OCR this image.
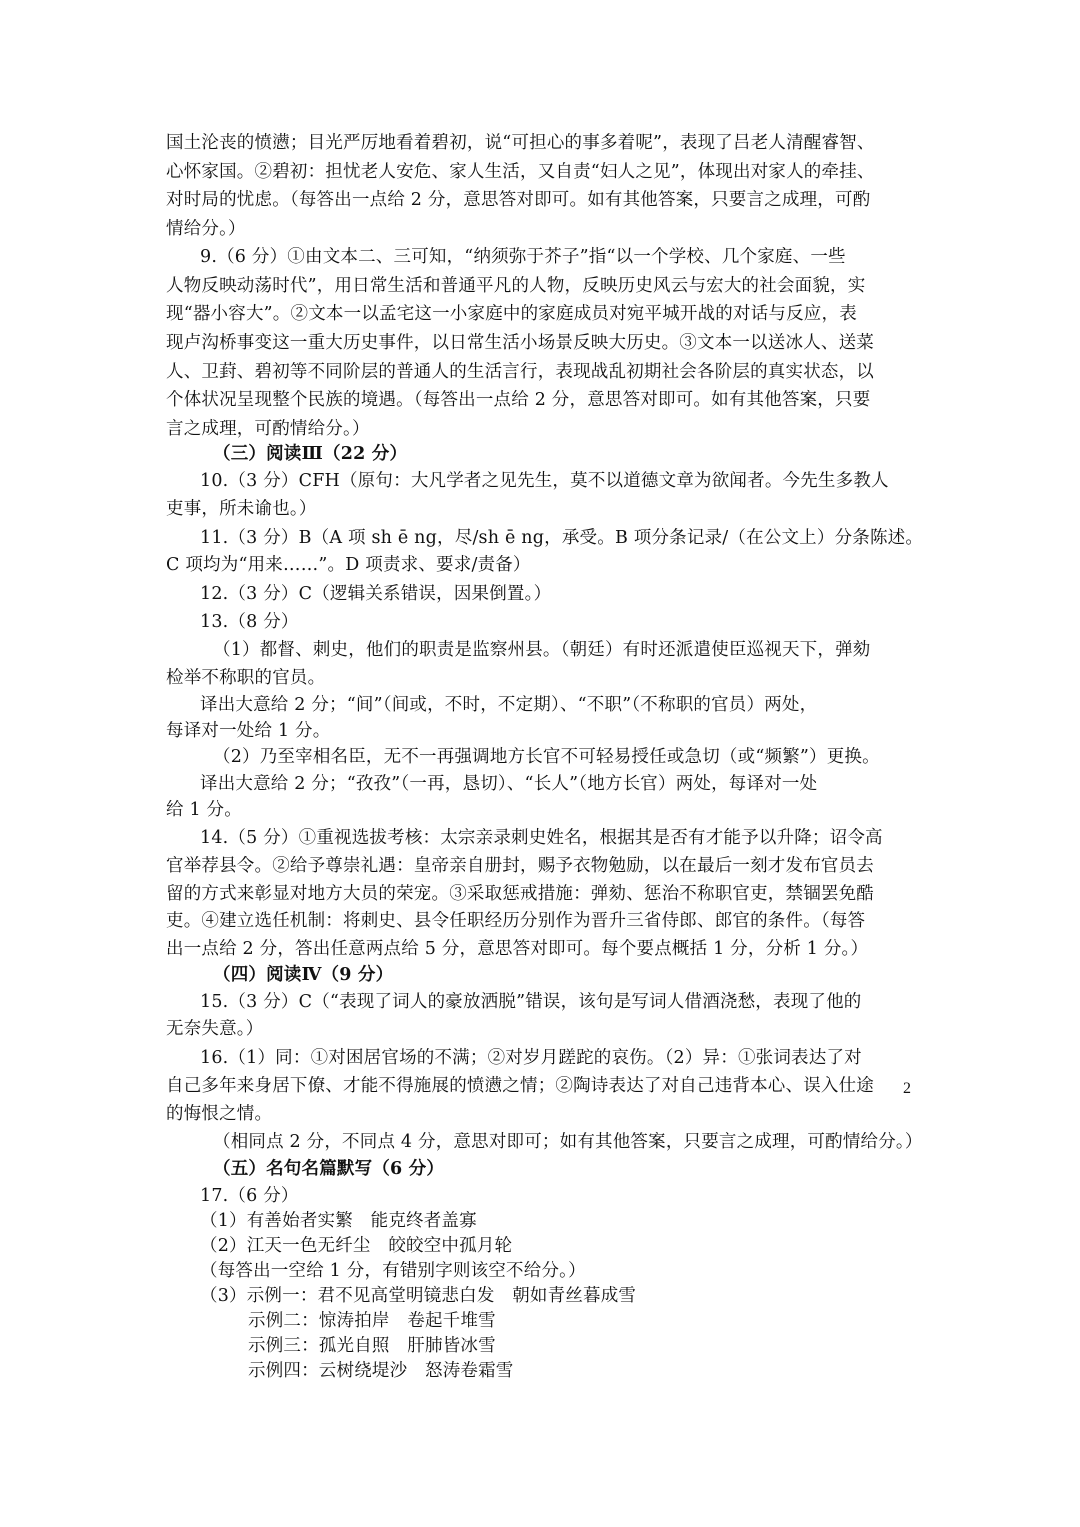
国土沦丧的愤懑；目光严厉地看着碧初，说“可担心的事多着呢”，表现了吕老人清醒睿智、
心怀家国。②碧初：担忧老人安危、家人生活，又自责“妇人之见”，体现出对家人的牵挂、
对时局的忧虑。（每答出一点给 2 分，意思答对即可。如有其他答案，只要言之成理，可酌
情给分。）
9.（6 分）①由文本二、三可知，“纳须弥于芥子”指“以一个学校、几个家庭、一些
人物反映动荡时代”，用日常生活和普通平凡的人物，反映历史风云与宏大的社会面貌，实
现“器小容大”。②文本一以孟宅这一小家庭中的家庭成员对宛平城开战的对话与反应，表
现卢沟桥事变这一重大历史事件，以日常生活小场景反映大历史。③文本一以送冰人、送菜
人、卫葑、碧初等不同阶层的普通人的生活言行，表现战乱初期社会各阶层的真实状态，以
个体状况呈现整个民族的境遇。（每答出一点给 2 分，意思答对即可。如有其他答案，只要
言之成理，可酌情给分。）
（三）阅读Ⅲ（22 分）
10.（3 分）CFH（原句：大凡学者之见先生，莫不以道德文章为欲闻者。今先生多教人
吏事，所未谕也。）
11.（3 分）B（A 项 sh ē ng，尽/sh ē ng，承受。B 项分条记录/（在公文上）分条陈述。
C 项均为“用来……”。D 项责求、要求/责备）
12.（3 分）C（逻辑关系错误，因果倒置。）
13.（8 分）
（1）都督、刺史，他们的职责是监察州县。（朝廷）有时还派遣使臣巡视天下，弹劾
检举不称职的官员。
译出大意给 2 分；“间”（间或，不时，不定期）、“不职”（不称职的官员）两处，
每译对一处给 1 分。
（2）乃至宰相名臣，无不一再强调地方长官不可轻易授任或急切（或“频繁”）更换。
译出大意给 2 分；“孜孜”（一再，恳切）、“长人”（地方长官）两处，每译对一处
给 1 分。
14.（5 分）①重视选拔考核：太宗亲录刺史姓名，根据其是否有才能予以升降；诏令高
官举荐县令。②给予尊崇礼遇：皇帝亲自册封，赐予衣物勉励，以在最后一刻才发布官员去
留的方式来彰显对地方大员的荣宠。③采取惩戒措施：弹劾、惩治不称职官吏，禁锢罢免酷
吏。④建立选任机制：将刺史、县令任职经历分别作为晋升三省侍郎、郎官的条件。（每答
出一点给 2 分，答出任意两点给 5 分，意思答对即可。每个要点概括 1 分，分析 1 分。）
（四）阅读Ⅳ（9 分）
15.（3 分）C（“表现了词人的豪放洒脱”错误，该句是写词人借酒浇愁，表现了他的
无奈失意。）
16.（1）同：①对困居官场的不满；②对岁月蹉跎的哀伤。（2）异：①张词表达了对
自己多年来身居下僚、才能不得施展的愤懑之情；②陶诗表达了对自己违背本心、误入仕途
的悔恨之情。
（相同点 2 分，不同点 4 分，意思对即可；如有其他答案，只要言之成理，可酌情给分。）
（五）名句名篇默写（6 分）
17.（6 分）
（1）有善始者实繁　能克终者盖寡
（2）江天一色无纤尘　皎皎空中孤月轮
（每答出一空给 1 分，有错别字则该空不给分。）
（3）示例一：君不见高堂明镜悲白发　朝如青丝暮成雪
示例二：惊涛拍岸　卷起千堆雪
示例三：孤光自照　肝肺皆冰雪
示例四：云树绕堤沙　怒涛卷霜雪
2
